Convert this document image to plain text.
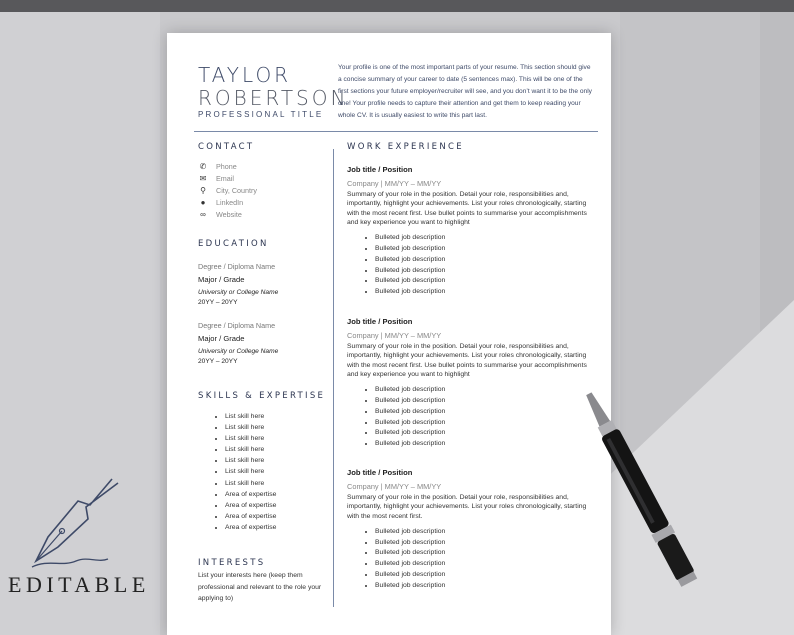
TAYLOR
ROBERTSON
PROFESSIONAL TITLE
Your profile is one of the most important parts of your resume. This section should give a concise summary of your career to date (5 sentences max). This will be one of the first sections your future employer/recruiter will see, and you don’t want it to be the only one! Your profile needs to capture their attention and get them to keep reading your whole CV. It is usually easiest to write this part last.
CONTACT
✆ Phone
✉ Email
⚲ City, Country
● LinkedIn
∞ Website
EDUCATION
Degree / Diploma Name
Major / Grade
University or College Name
20YY – 20YY
Degree / Diploma Name
Major / Grade
University or College Name
20YY – 20YY
SKILLS & EXPERTISE
• List skill here
• List skill here
• List skill here
• List skill here
• List skill here
• List skill here
• List skill here
• Area of expertise
• Area of expertise
• Area of expertise
• Area of expertise
INTERESTS
List your interests here (keep them professional and relevant to the role your applying to)
WORK EXPERIENCE
Job title / Position
Company | MM/YY – MM/YY
Summary of your role in the position. Detail your role, responsibilities and, importantly, highlight your achievements. List your roles chronologically, starting with the most recent first. Use bullet points to summarise your accomplishments and key experience you want to highlight
• Bulleted job description
• Bulleted job description
• Bulleted job description
• Bulleted job description
• Bulleted job description
• Bulleted job description
Job title / Position
Company | MM/YY – MM/YY
Summary of your role in the position. Detail your role, responsibilities and, importantly, highlight your achievements. List your roles chronologically, starting with the most recent first. Use bullet points to summarise your accomplishments and key experience you want to highlight
• Bulleted job description
• Bulleted job description
• Bulleted job description
• Bulleted job description
• Bulleted job description
• Bulleted job description
Job title / Position
Company | MM/YY – MM/YY
Summary of your role in the position. Detail your role, responsibilities and, importantly, highlight your achievements. List your roles chronologically, starting with the most recent first.
• Bulleted job description
• Bulleted job description
• Bulleted job description
• Bulleted job description
• Bulleted job description
• Bulleted job description
EDITABLE
